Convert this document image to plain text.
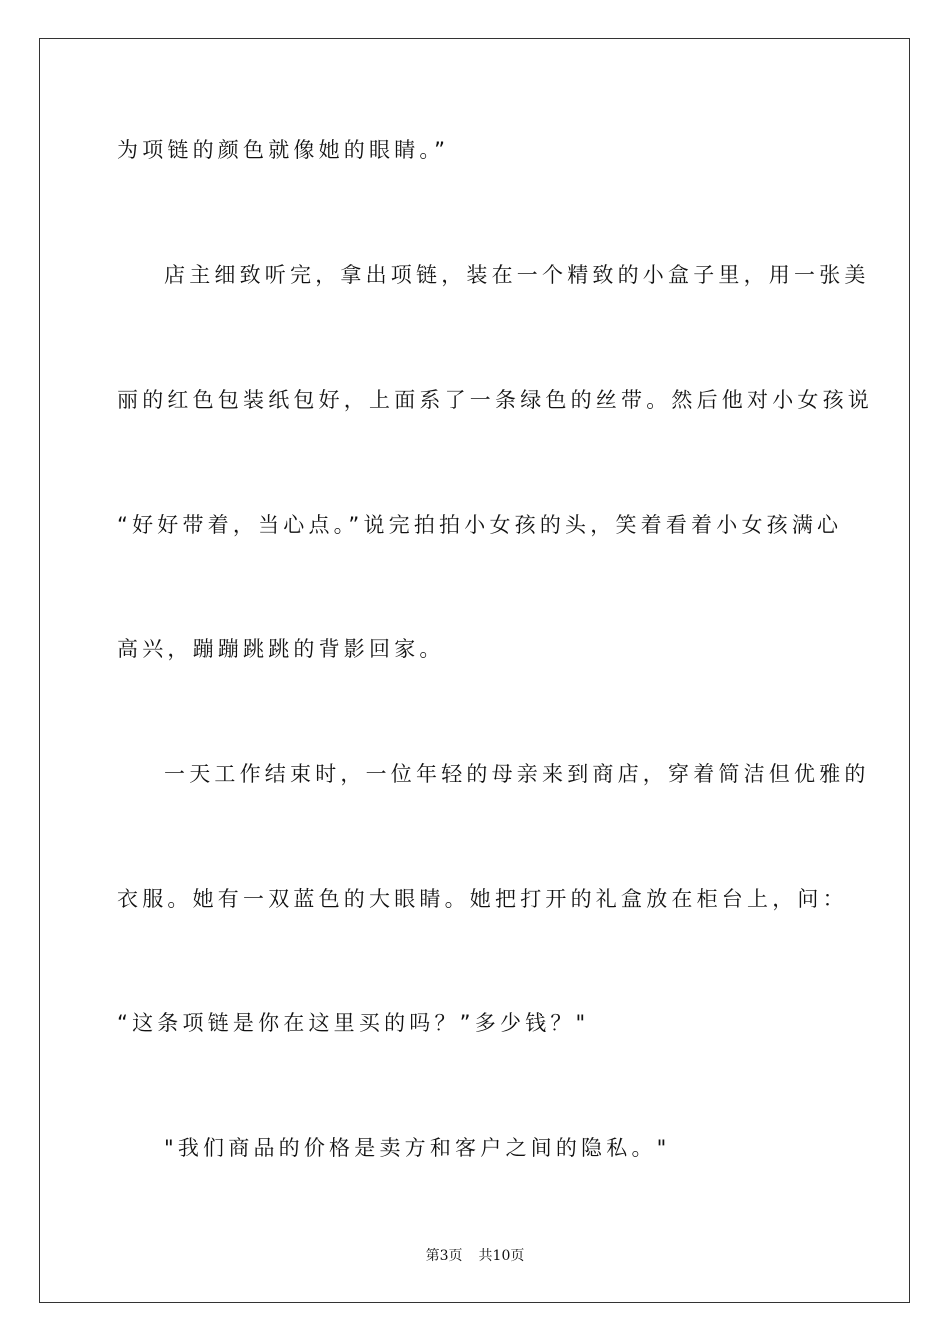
为项链的颜色就像她的眼睛。”
店主细致听完，拿出项链，装在一个精致的小盒子里，用一张美
丽的红色包装纸包好，上面系了一条绿色的丝带。然后他对小女孩说
“好好带着，当心点。”说完拍拍小女孩的头，笑着看着小女孩满心
高兴，蹦蹦跳跳的背影回家。
一天工作结束时，一位年轻的母亲来到商店，穿着简洁但优雅的
衣服。她有一双蓝色的大眼睛。她把打开的礼盒放在柜台上，问：
“这条项链是你在这里买的吗？”多少钱？"
"我们商品的价格是卖方和客户之间的隐私。"
第3页 共10页
